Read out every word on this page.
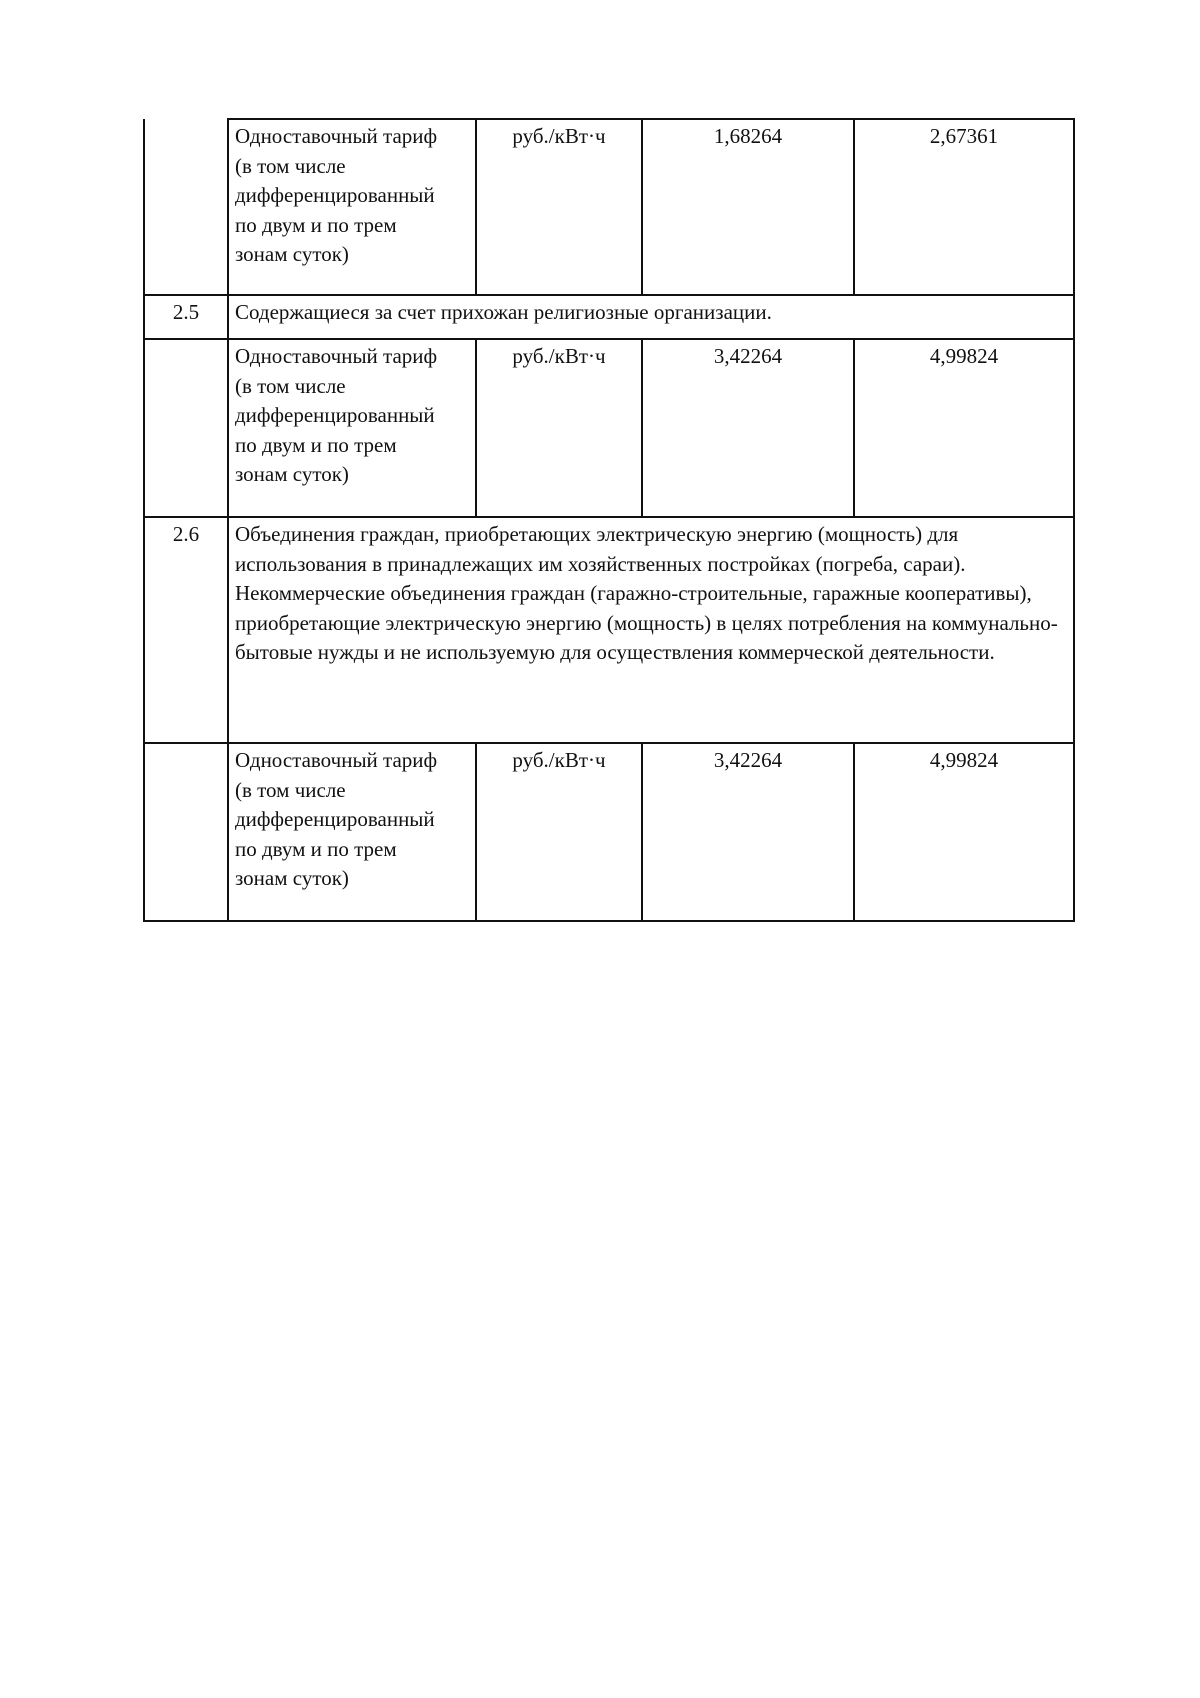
	Одноставочный тариф
(в том числе
дифференцированный
по двум и по трем
зонам суток)	руб./кВт·ч	1,68264	2,67361
2.5	Содержащиеся за счет прихожан религиозные организации.			

	Одноставочный тариф
(в том числе
дифференцированный
по двум и по трем
зонам суток)	руб./кВт·ч	3,42264	4,99824
2.6	Объединения граждан, приобретающих электрическую энергию (мощность) для использования в принадлежащих им хозяйственных постройках (погреба, сараи). Некоммерческие объединения граждан (гаражно-строительные, гаражные кооперативы), приобретающие электрическую энергию (мощность) в целях потребления на коммунально-бытовые нужды и не используемую для осуществления коммерческой деятельности.			

	Одноставочный тариф
(в том числе
дифференцированный
по двум и по трем
зонам суток)	руб./кВт·ч	3,42264	4,99824
